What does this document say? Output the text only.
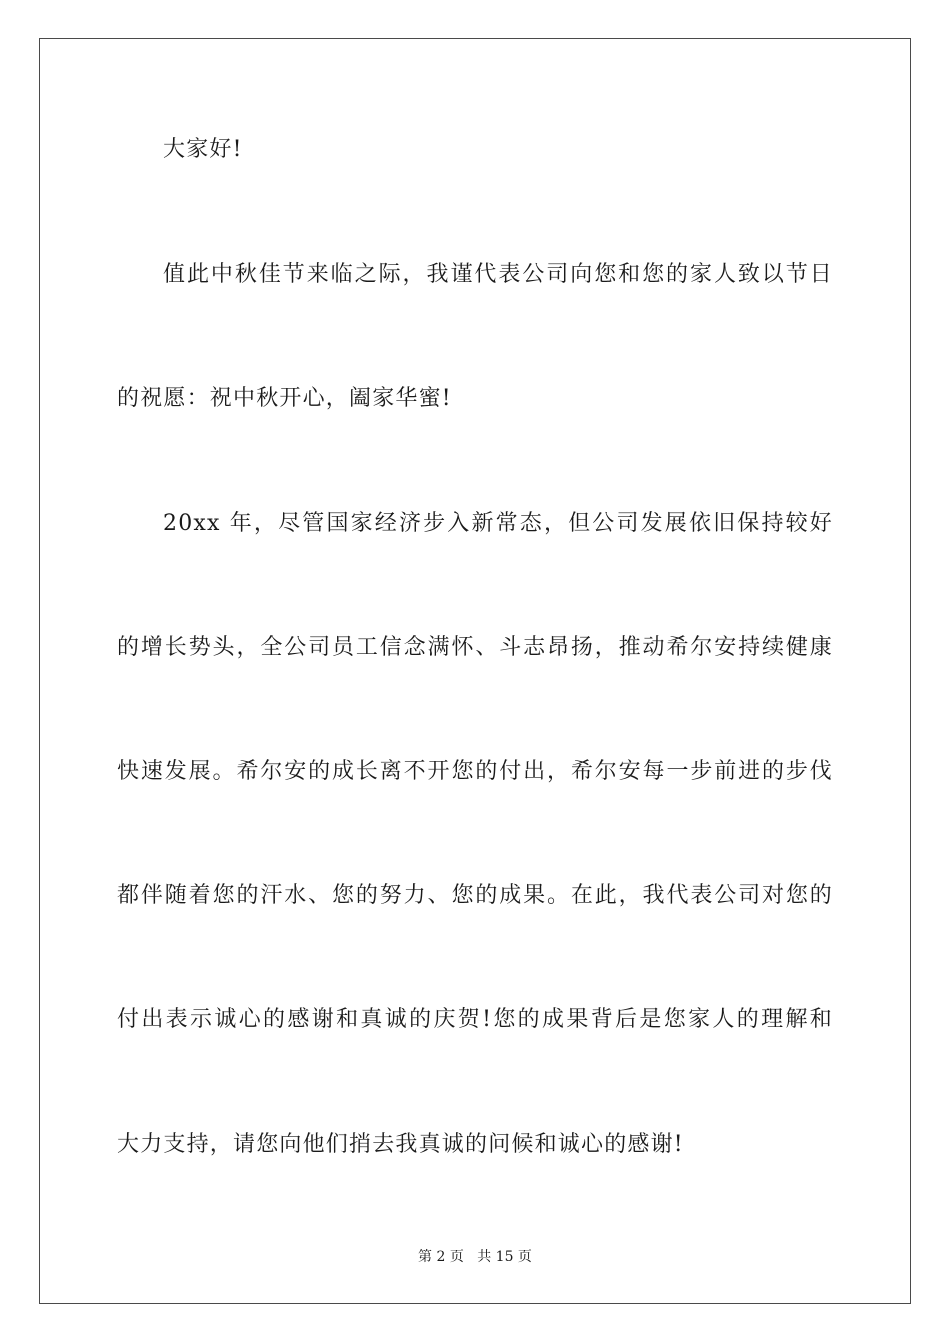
大家好!
值此中秋佳节来临之际，我谨代表公司向您和您的家人致以节日
的祝愿：祝中秋开心，阖家华蜜!
20xx 年，尽管国家经济步入新常态，但公司发展依旧保持较好
的增长势头，全公司员工信念满怀、斗志昂扬，推动希尔安持续健康
快速发展。希尔安的成长离不开您的付出，希尔安每一步前进的步伐
都伴随着您的汗水、您的努力、您的成果。在此，我代表公司对您的
付出表示诚心的感谢和真诚的庆贺!您的成果背后是您家人的理解和
大力支持，请您向他们捎去我真诚的问候和诚心的感谢!
第 2 页 共 15 页
